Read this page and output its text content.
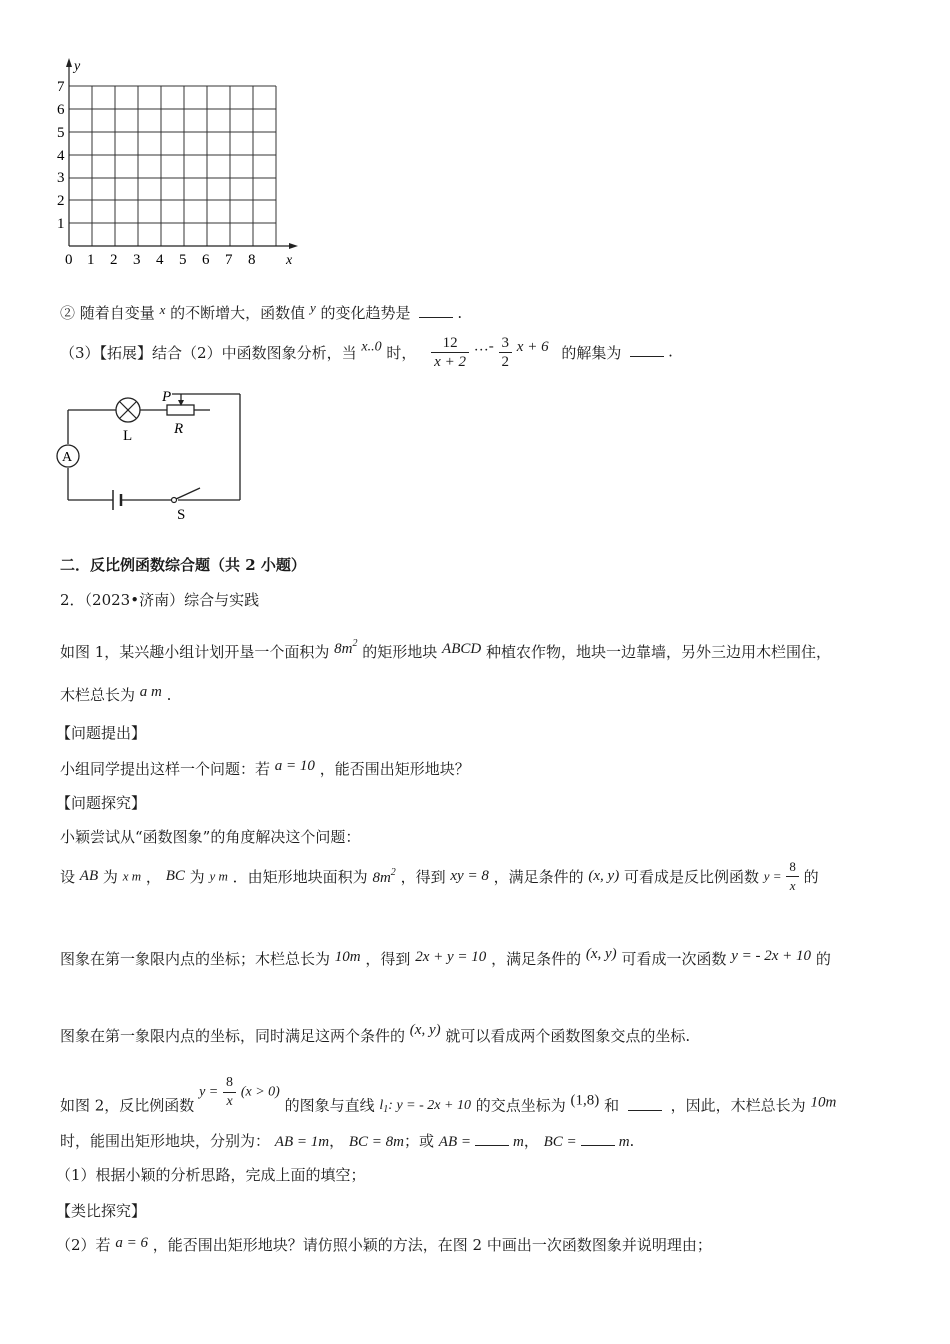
y
x
1
2
3
4
5
6
7
0 1 2 3 4 5 6 7 8
② 随着自变量 x 的不断增大，函数值 y 的变化趋势是	.
（3）【拓展】结合（2）中函数图象分析，当 x..0 时， $\frac{12}{x + 2}$ …- $\frac{3}{2}$ x + 6 的解集为	.
A
L
P
R
S
二．反比例函数综合题（共 2 小题）
2．（2023•济南）综合与实践
如图 1，某兴趣小组计划开垦一个面积为 $8m^2$ 的矩形地块 ABCD 种植农作物，地块一边靠墙，另外三边用木栏围住，
木栏总长为 a m .
【问题提出】
小组同学提出这样一个问题：若 a = 10 ，能否围出矩形地块？
【问题探究】
小颖尝试从“函数图象”的角度解决这个问题：
设 AB 为 x m ， BC 为 y m ．由矩形地块面积为 $8m^2$ ，得到 xy = 8 ，满足条件的 (x, y) 可看成是反比例函数 $y = \frac{8}{x}$ 的
图象在第一象限内点的坐标；木栏总长为 10m ，得到 2x + y = 10 ，满足条件的 (x, y) 可看成一次函数 y = - 2x + 10 的
图象在第一象限内点的坐标，同时满足这两个条件的 (x, y) 就可以看成两个函数图象交点的坐标.
如图 2，反比例函数 $y = \frac{8}{x} (x > 0)$ 的图象与直线 $l_1$: y = - 2x + 10 的交点坐标为 (1,8) 和	，因此，木栏总长为 10m
时，能围出矩形地块，分别为： AB = 1m， BC = 8m；或 AB =	m， BC =	m.
（1）根据小颖的分析思路，完成上面的填空；
【类比探究】
（2）若 a = 6 ，能否围出矩形地块？请仿照小颖的方法，在图 2 中画出一次函数图象并说明理由；
